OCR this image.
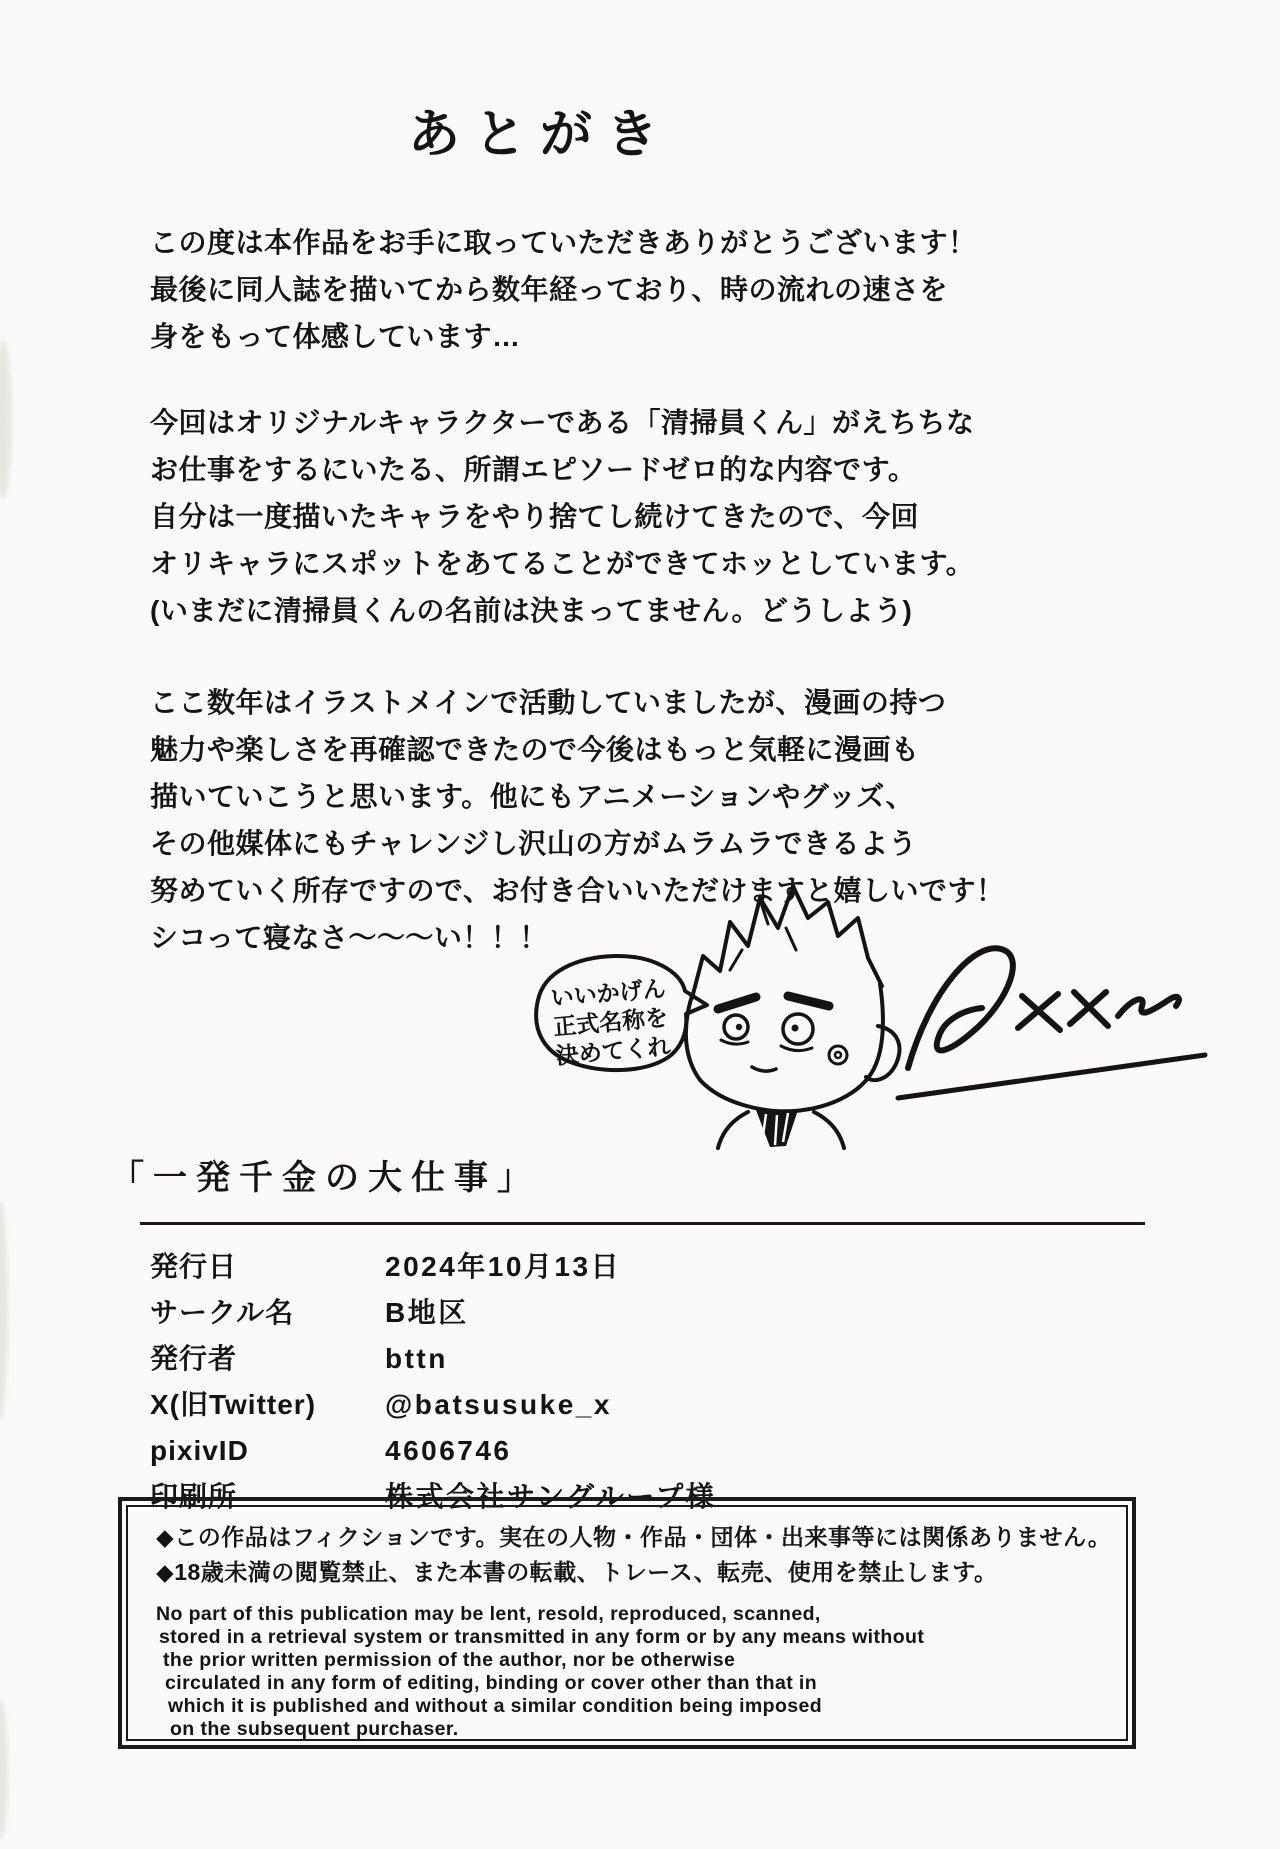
あとがき
この度は本作品をお手に取っていただきありがとうございます！
最後に同人誌を描いてから数年経っており、時の流れの速さを
身をもって体感しています…
今回はオリジナルキャラクターである「清掃員くん」がえちちな
お仕事をするにいたる、所謂エピソードゼロ的な内容です。
自分は一度描いたキャラをやり捨てし続けてきたので、今回
オリキャラにスポットをあてることができてホッとしています。
(いまだに清掃員くんの名前は決まってません。どうしよう)
ここ数年はイラストメインで活動していましたが、漫画の持つ
魅力や楽しさを再確認できたので今後はもっと気軽に漫画も
描いていこうと思います。他にもアニメーションやグッズ、
その他媒体にもチャレンジし沢山の方がムラムラできるよう
努めていく所存ですので、お付き合いいただけますと嬉しいです！
シコって寝なさ～～～い！！！
いいかげん
正式名称を
決めてくれ
「一発千金の大仕事」
発行日	2024年10月13日
サークル名	B地区
発行者	bttn
X(旧Twitter) @batsusuke_x
pixivID	4606746
印刷所	株式会社サングループ様
◆この作品はフィクションです。実在の人物・作品・団体・出来事等には関係ありません。
◆18歳未満の閲覧禁止、また本書の転載、トレース、転売、使用を禁止します。
No part of this publication may be lent, resold, reproduced, scanned,
stored in a retrieval system or transmitted in any form or by any means without
the prior written permission of the author, nor be otherwise
circulated in any form of editing, binding or cover other than that in
which it is published and without a similar condition being imposed
on the subsequent purchaser.
